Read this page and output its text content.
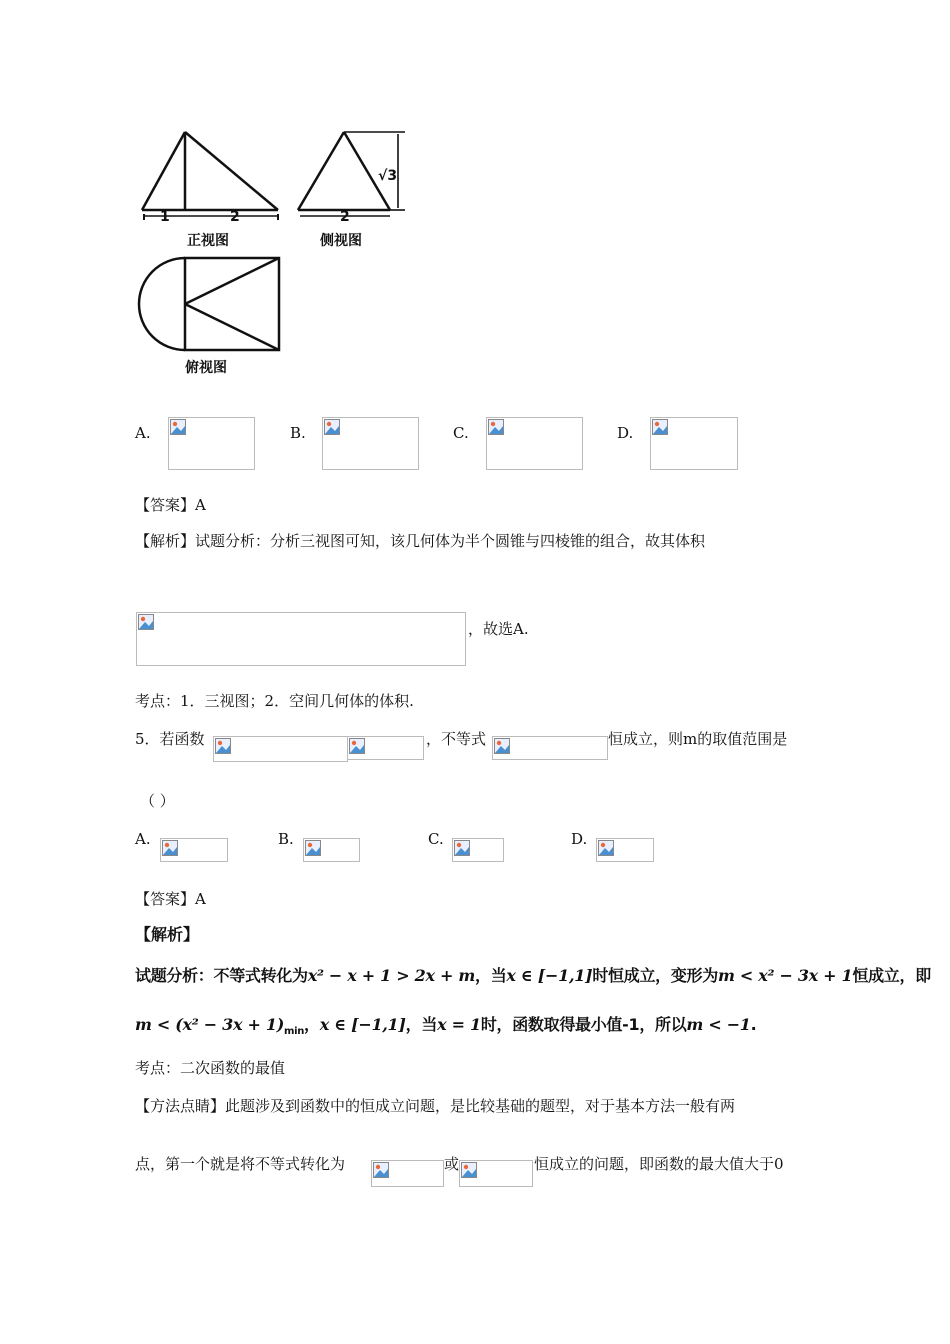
1	2
正视图
2
√3
侧视图
俯视图
A.	B.	C.	D.
【答案】A
【解析】试题分析：分析三视图可知，该几何体为半个圆锥与四棱锥的组合，故其体积
，故选A.
考点：1．三视图；2．空间几何体的体积.
5．若函数	，不等式	恒成立，则m的取值范围是
（ ）
A.	B.	C.	D.
【答案】A
【解析】
试题分析：不等式转化为x² − x + 1 > 2x + m，当x ∈ [−1,1]时恒成立，变形为m < x² − 3x + 1恒成立，即
$m < (x^2 - 3x + 1)_{min}$，x ∈ [−1,1]，当x = 1时，函数取得最小值-1，所以m < −1.
考点：二次函数的最值
【方法点睛】此题涉及到函数中的恒成立问题，是比较基础的题型，对于基本方法一般有两
点，第一个就是将不等式转化为	或	恒成立的问题，即函数的最大值大于0
